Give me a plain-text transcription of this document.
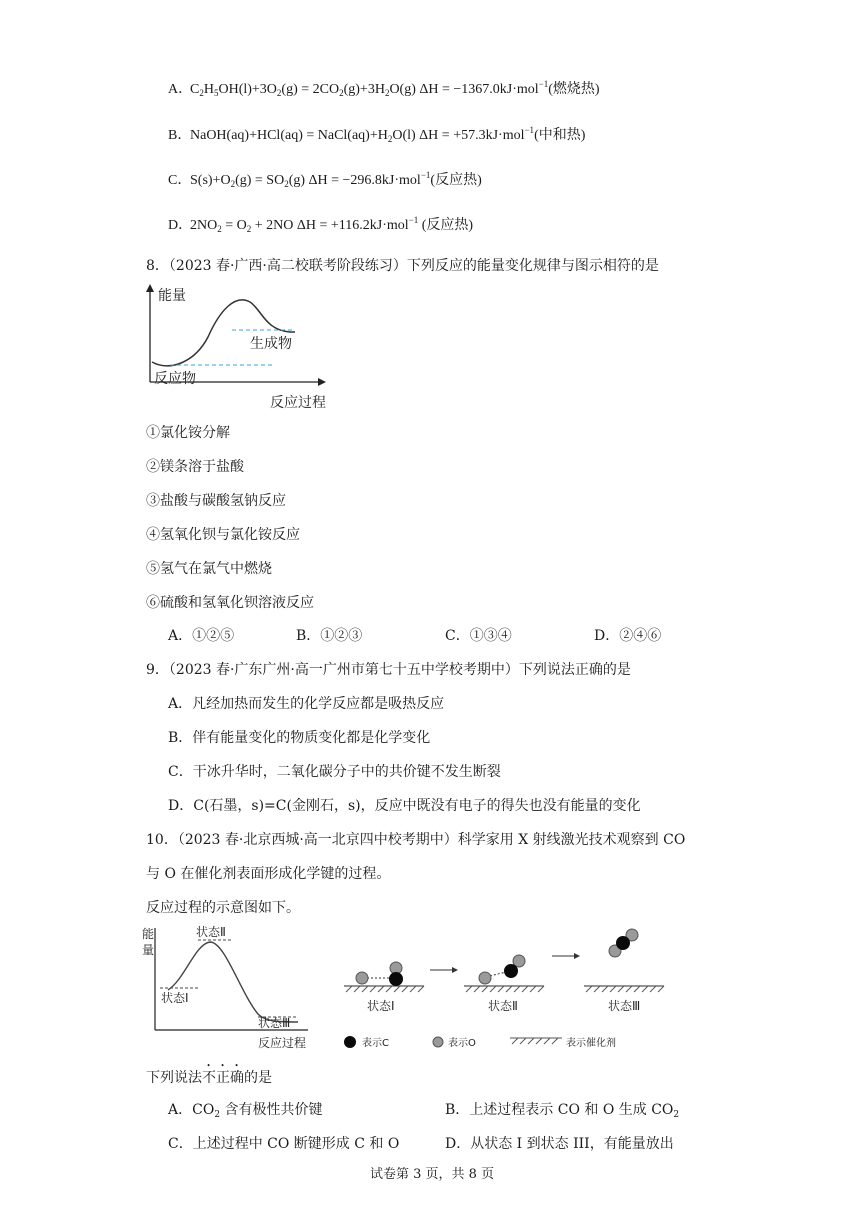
A．$C_2H_5OH(l)+3O_2(g) = 2CO_2(g)+3H_2O(g) \Delta H = -1367.0kJ\cdot mol^{-1}$(燃烧热)
B．NaOH(aq)+HCl(aq) = $NaCl(aq)+H_2O(l) \Delta H = +57.3kJ\cdot mol^{-1}$(中和热)
C．$S(s)+O_2(g) = SO_2(g) \Delta H = -296.8kJ\cdot mol^{-1}$(反应热)
D．$2NO_2 = O_2 + 2NO$ ΔH = +116.2kJ·mol$^{-1}$ (反应热)
8．（2023 春·广西·高二校联考阶段练习）下列反应的能量变化规律与图示相符的是
能量
生成物
反应物
反应过程
①氯化铵分解
②镁条溶于盐酸
③盐酸与碳酸氢钠反应
④氢氧化钡与氯化铵反应
⑤氢气在氯气中燃烧
⑥硫酸和氢氧化钡溶液反应
A．①②⑤	B．①②③	C．①③④	D．②④⑥
9．（2023 春·广东广州·高一广州市第七十五中学校考期中）下列说法正确的是
A．凡经加热而发生的化学反应都是吸热反应
B．伴有能量变化的物质变化都是化学变化
C．干冰升华时，二氧化碳分子中的共价键不发生断裂
D．C(石墨，s)=C(金刚石，s)，反应中既没有电子的得失也没有能量的变化
10．（2023 春·北京西城·高一北京四中校考期中）科学家用 X 射线激光技术观察到 CO
与 O 在催化剂表面形成化学键的过程。
反应过程的示意图如下。
能
量
状态Ⅱ
状态Ⅰ
状态Ⅲ
反应过程
状态Ⅰ	状态Ⅱ	状态Ⅲ
表示C	表示O	表示催化剂
下列说法不正确的是
A．$CO_2$ 含有极性共价键	B．上述过程表示 CO 和 O 生成 $CO_2$
C．上述过程中 CO 断键形成 C 和 O	D．从状态 I 到状态 III，有能量放出
试卷第 3 页，共 8 页
